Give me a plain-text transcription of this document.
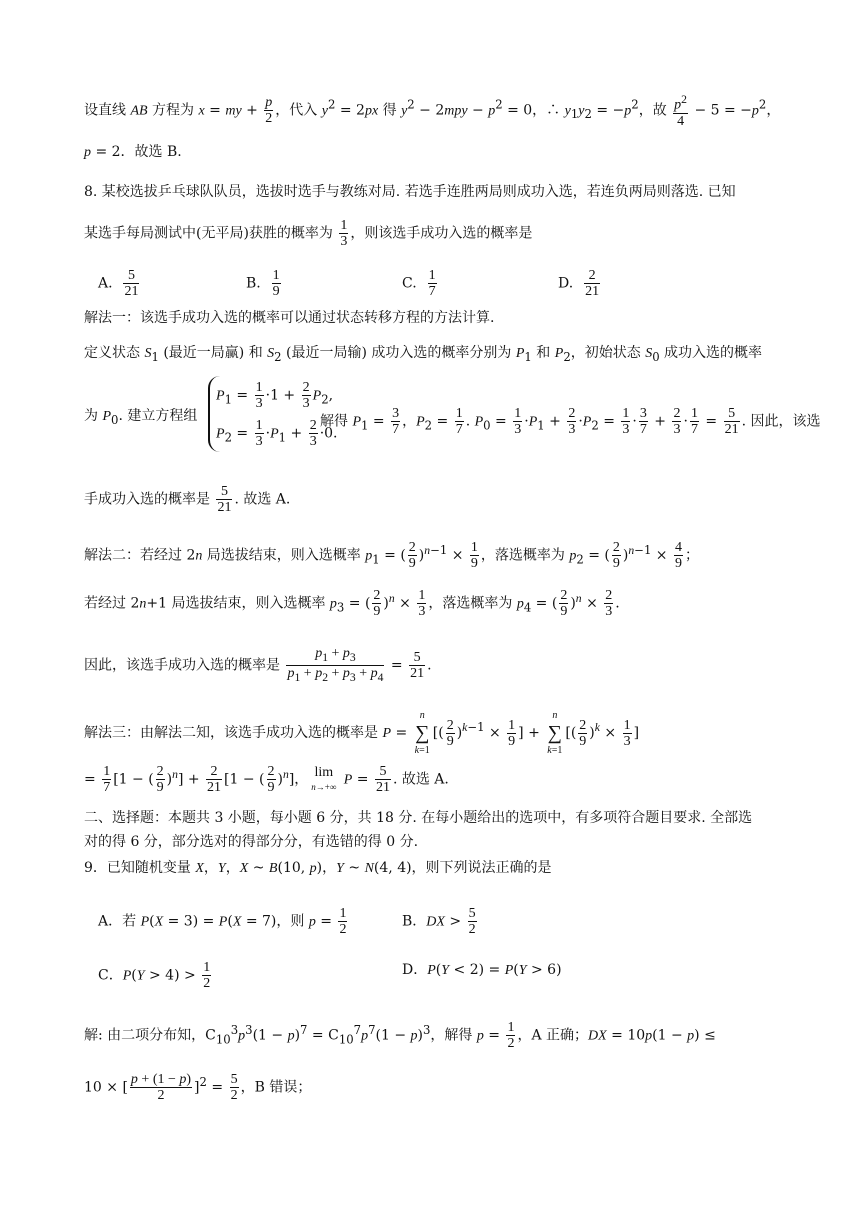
设直线 AB 方程为 x = my + $\frac{p}{2}$ ，代入 $y^2 = 2px$ 得 $y^2 - 2mpy - p^2 = 0$，∴ $y_1y_2 = -p^2$，故 $\frac{p^2}{4} - 5 = -p^2$，
p = 2．故选 B.
8. 某校选拔乒乓球队队员，选拔时选手与教练对局. 若选手连胜两局则成功入选，若连负两局则落选. 已知
某选手每局测试中(无平局)获胜的概率为 $\frac{1}{3}$ ，则该选手成功入选的概率是
A. $\frac{5}{21}$	B. $\frac{1}{9}$	C. $\frac{1}{7}$	D. $\frac{2}{21}$
解法一：该选手成功入选的概率可以通过状态转移方程的方法计算.
定义状态 $S_1$ (最近一局赢) 和 $S_2$ (最近一局输) 成功入选的概率分别为 $P_1$ 和 $P_2$，初始状态 $S_0$ 成功入选的概率
为 $P_0$. 建立方程组
$P_1 = \frac{1}{3} \cdot 1 + \frac{2}{3} P_2$,
$P_2 = \frac{1}{3} \cdot P_1 + \frac{2}{3} \cdot 0$.
解得 $P_1 = \frac{3}{7}$ ，$P_2 = \frac{1}{7}$ . $P_0 = \frac{1}{3} \cdot P_1 + \frac{2}{3} \cdot P_2 = \frac{1}{3} \cdot \frac{3}{7} + \frac{2}{3} \cdot \frac{1}{7} = \frac{5}{21}$ . 因此，该选
手成功入选的概率是 $\frac{5}{21}$ . 故选 A.
解法二：若经过 2n 局选拔结束，则入选概率 $p_1$ = ( $\frac{2}{9} )^{n-1} \times \frac{1}{9}$ ，落选概率为 $p_2$ = ( $\frac{2}{9} )^{n-1} \times \frac{4}{9}$ ；
若经过 2n+1 局选拔结束，则入选概率 $p_3$ = ( $\frac{2}{9} )^n \times \frac{1}{3}$ ，落选概率为 $p_4$ = ( $\frac{2}{9} )^n \times \frac{2}{3}$ .
因此，该选手成功入选的概率是 $\frac{p_1 + p_3}{p_1 + p_2 + p_3 + p_4} = \frac{5}{21}$ .
解法三：由解法二知，该选手成功入选的概率是 P =
n
∑
k=1
[( $\frac{2}{9} )^{k-1} \times \frac{1}{9}$ ] +
n
∑
k=1
[( $\frac{2}{9} )^k \times \frac{1}{3}$ ]
= $\frac{1}{7} [1$ − ( $\frac{2}{9} )^n] + \frac{2}{21} [1$ − ( $\frac{2}{9} )^n$]， lim
n→+∞ $P = \frac{5}{21}$ . 故选 A.
二、选择题：本题共 3 小题，每小题 6 分，共 18 分. 在每小题给出的选项中，有多项符合题目要求. 全部选
对的得 6 分，部分选对的得部分分，有选错的得 0 分.
9．已知随机变量 X，Y，X ~ B(10, p)，Y ~ N(4, 4)，则下列说法正确的是
A．若 P(X = 3) = P(X = 7)，则 $p = \frac{1}{2}$	B．DX > $\frac{5}{2}$
C．$P(Y > 4) > \frac{1}{2}$	D．P(Y < 2) = P(Y > 6)
解: 由二项分布知，$C_{10}^3p^3(1 - p)^7 = C_{10}^7p^7(1 - p)^3$，解得 $p = \frac{1}{2}$ ，A 正确；DX = 10p(1 − p) ≤
10 × [ $\frac{p + (1 - p)}{2} ]^2 = \frac{5}{2}$ ，B 错误；
